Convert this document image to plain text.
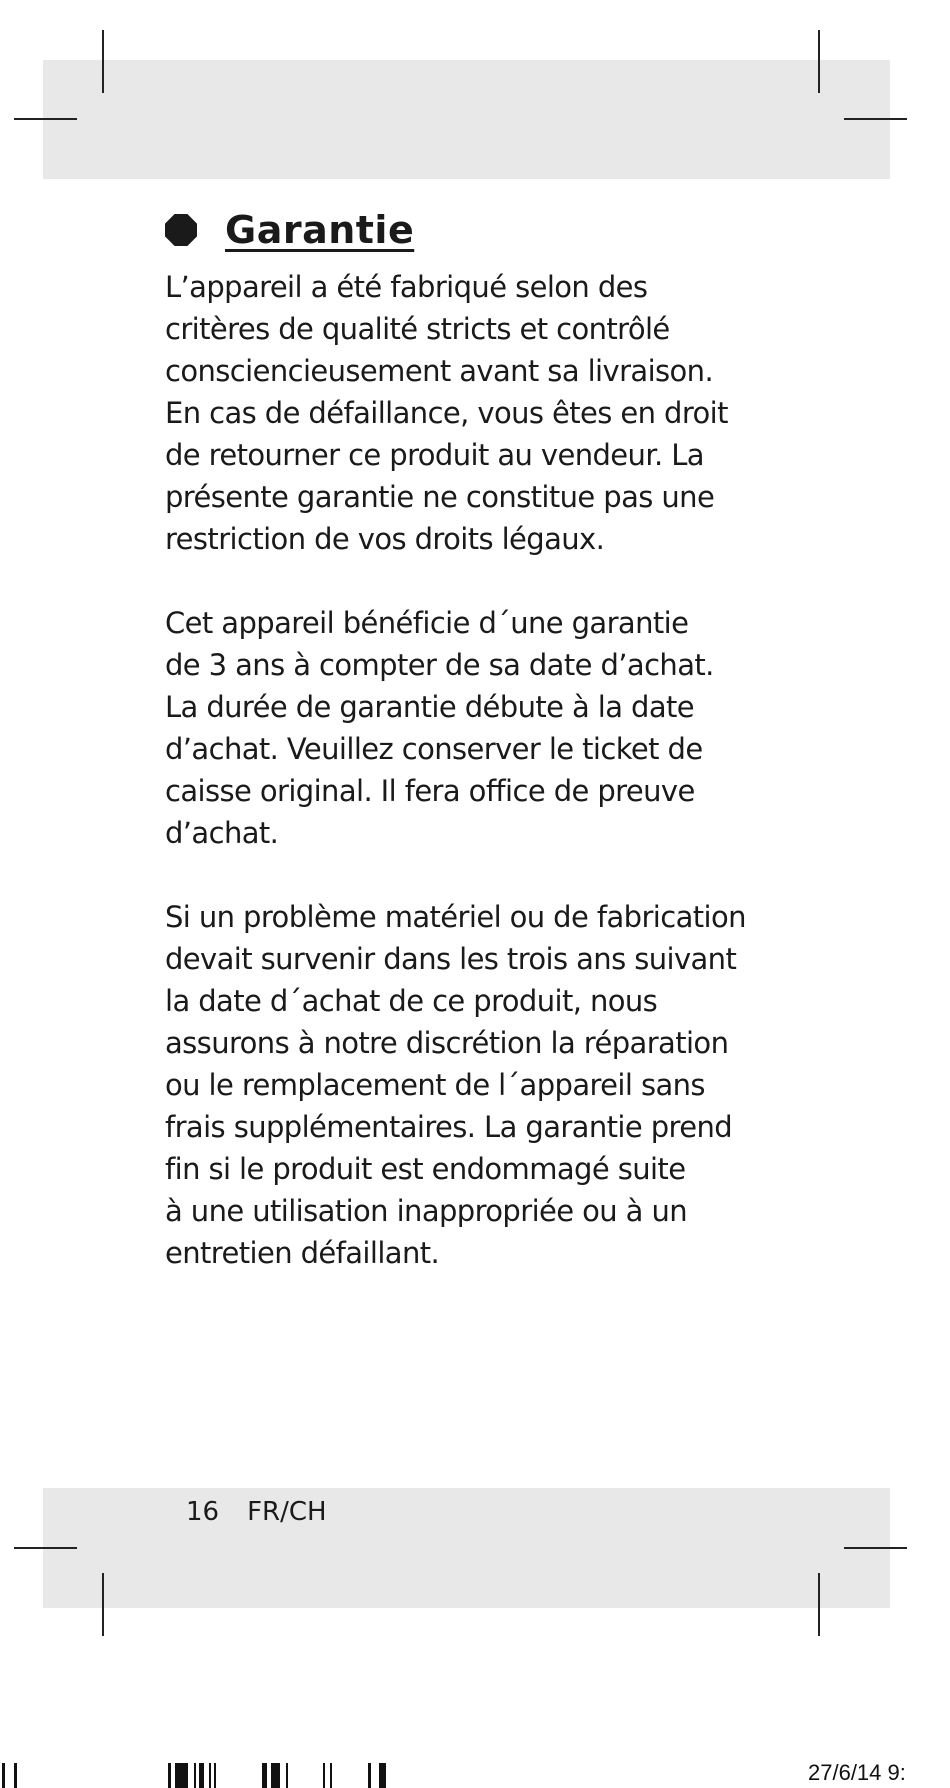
Garantie

L’appareil a été fabriqué selon des
critères de qualité stricts et contrôlé
consciencieusement avant sa livraison.
En cas de défaillance, vous êtes en droit
de retourner ce produit au vendeur. La
présente garantie ne constitue pas une
restriction de vos droits légaux.

Cet appareil bénéficie d´une garantie
de 3 ans à compter de sa date d’achat.
La durée de garantie débute à la date
d’achat. Veuillez conserver le ticket de
caisse original. Il fera office de preuve
d’achat.

Si un problème matériel ou de fabrication
devait survenir dans les trois ans suivant
la date d´achat de ce produit, nous
assurons à notre discrétion la réparation
ou le remplacement de l´appareil sans
frais supplémentaires. La garantie prend
fin si le produit est endommagé suite
à une utilisation inappropriée ou à un
entretien défaillant.

16 FR/CH
27/6/14 9:
